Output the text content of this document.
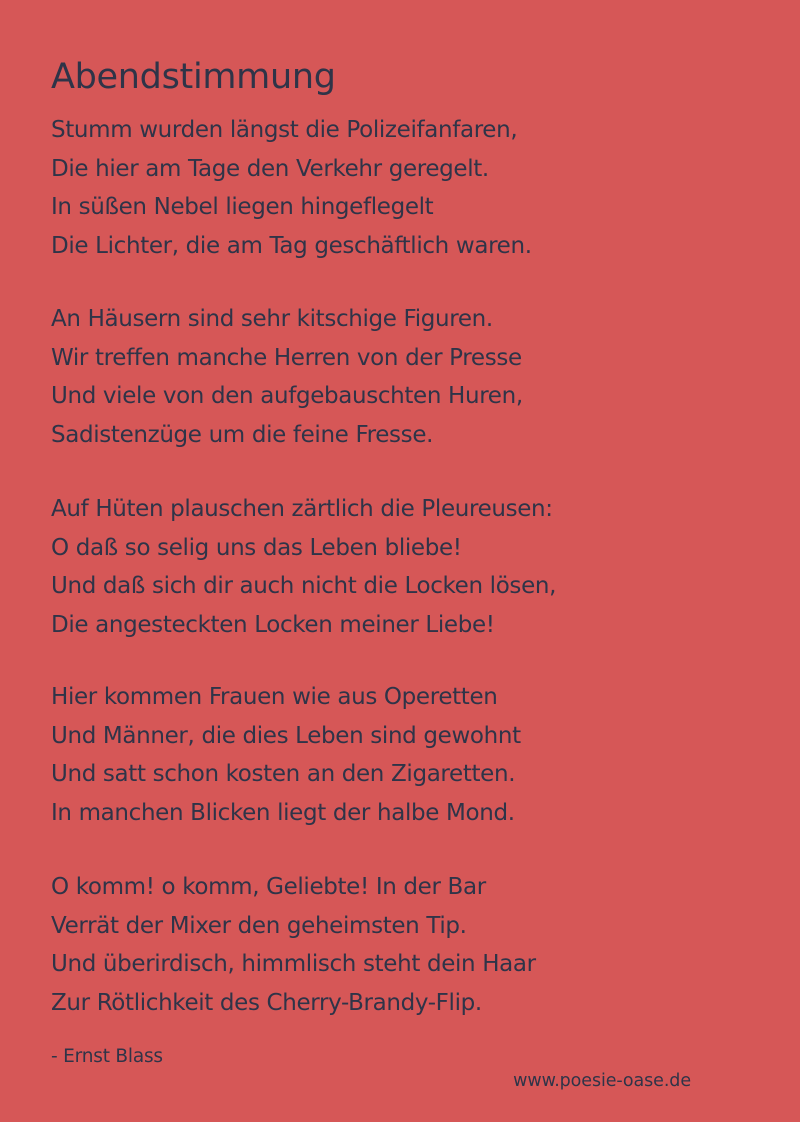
Abendstimmung
Stumm wurden längst die Polizeifanfaren,
Die hier am Tage den Verkehr geregelt.
In süßen Nebel liegen hingeflegelt
Die Lichter, die am Tag geschäftlich waren.
An Häusern sind sehr kitschige Figuren.
Wir treffen manche Herren von der Presse
Und viele von den aufgebauschten Huren,
Sadistenzüge um die feine Fresse.
Auf Hüten plauschen zärtlich die Pleureusen:
O daß so selig uns das Leben bliebe!
Und daß sich dir auch nicht die Locken lösen,
Die angesteckten Locken meiner Liebe!
Hier kommen Frauen wie aus Operetten
Und Männer, die dies Leben sind gewohnt
Und satt schon kosten an den Zigaretten.
In manchen Blicken liegt der halbe Mond.
O komm! o komm, Geliebte! In der Bar
Verrät der Mixer den geheimsten Tip.
Und überirdisch, himmlisch steht dein Haar
Zur Rötlichkeit des Cherry-Brandy-Flip.
- Ernst Blass
www.poesie-oase.de
